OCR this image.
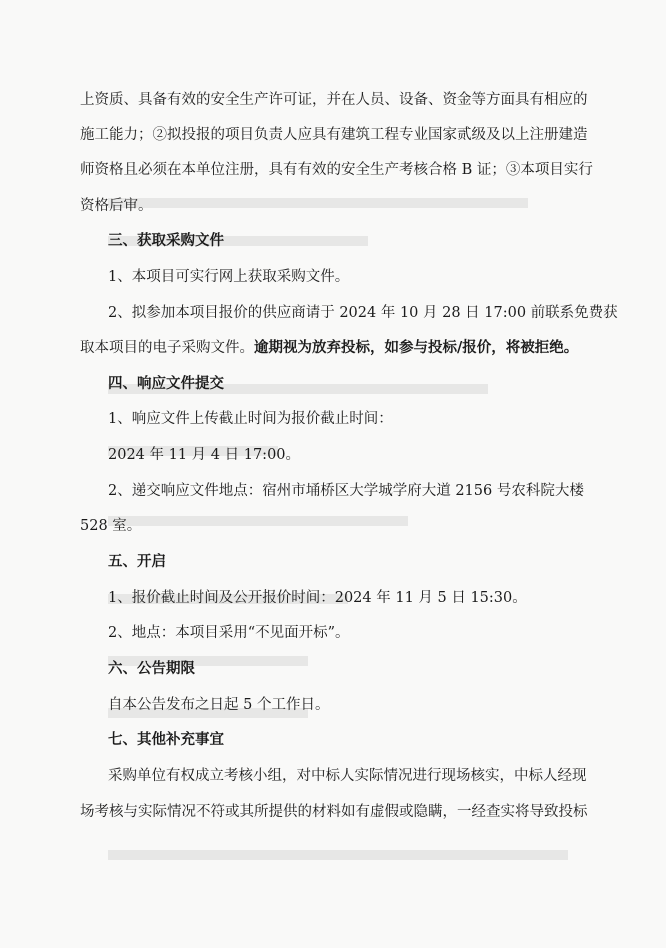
上资质、具备有效的安全生产许可证，并在人员、设备、资金等方面具有相应的
施工能力；②拟投报的项目负责人应具有建筑工程专业国家贰级及以上注册建造
师资格且必须在本单位注册，具有有效的安全生产考核合格 B 证；③本项目实行
资格后审。
三、获取采购文件
1、本项目可实行网上获取采购文件。
2、拟参加本项目报价的供应商请于 2024 年 10 月 28 日 17:00 前联系免费获
取本项目的电子采购文件。逾期视为放弃投标，如参与投标/报价，将被拒绝。
四、响应文件提交
1、响应文件上传截止时间为报价截止时间：
2024 年 11 月 4 日 17:00。
2、递交响应文件地点：宿州市埇桥区大学城学府大道 2156 号农科院大楼
528 室。
五、开启
1、报价截止时间及公开报价时间：2024 年 11 月 5 日 15:30。
2、地点：本项目采用“不见面开标”。
六、公告期限
自本公告发布之日起 5 个工作日。
七、其他补充事宜
采购单位有权成立考核小组，对中标人实际情况进行现场核实，中标人经现
场考核与实际情况不符或其所提供的材料如有虚假或隐瞒，一经查实将导致投标
